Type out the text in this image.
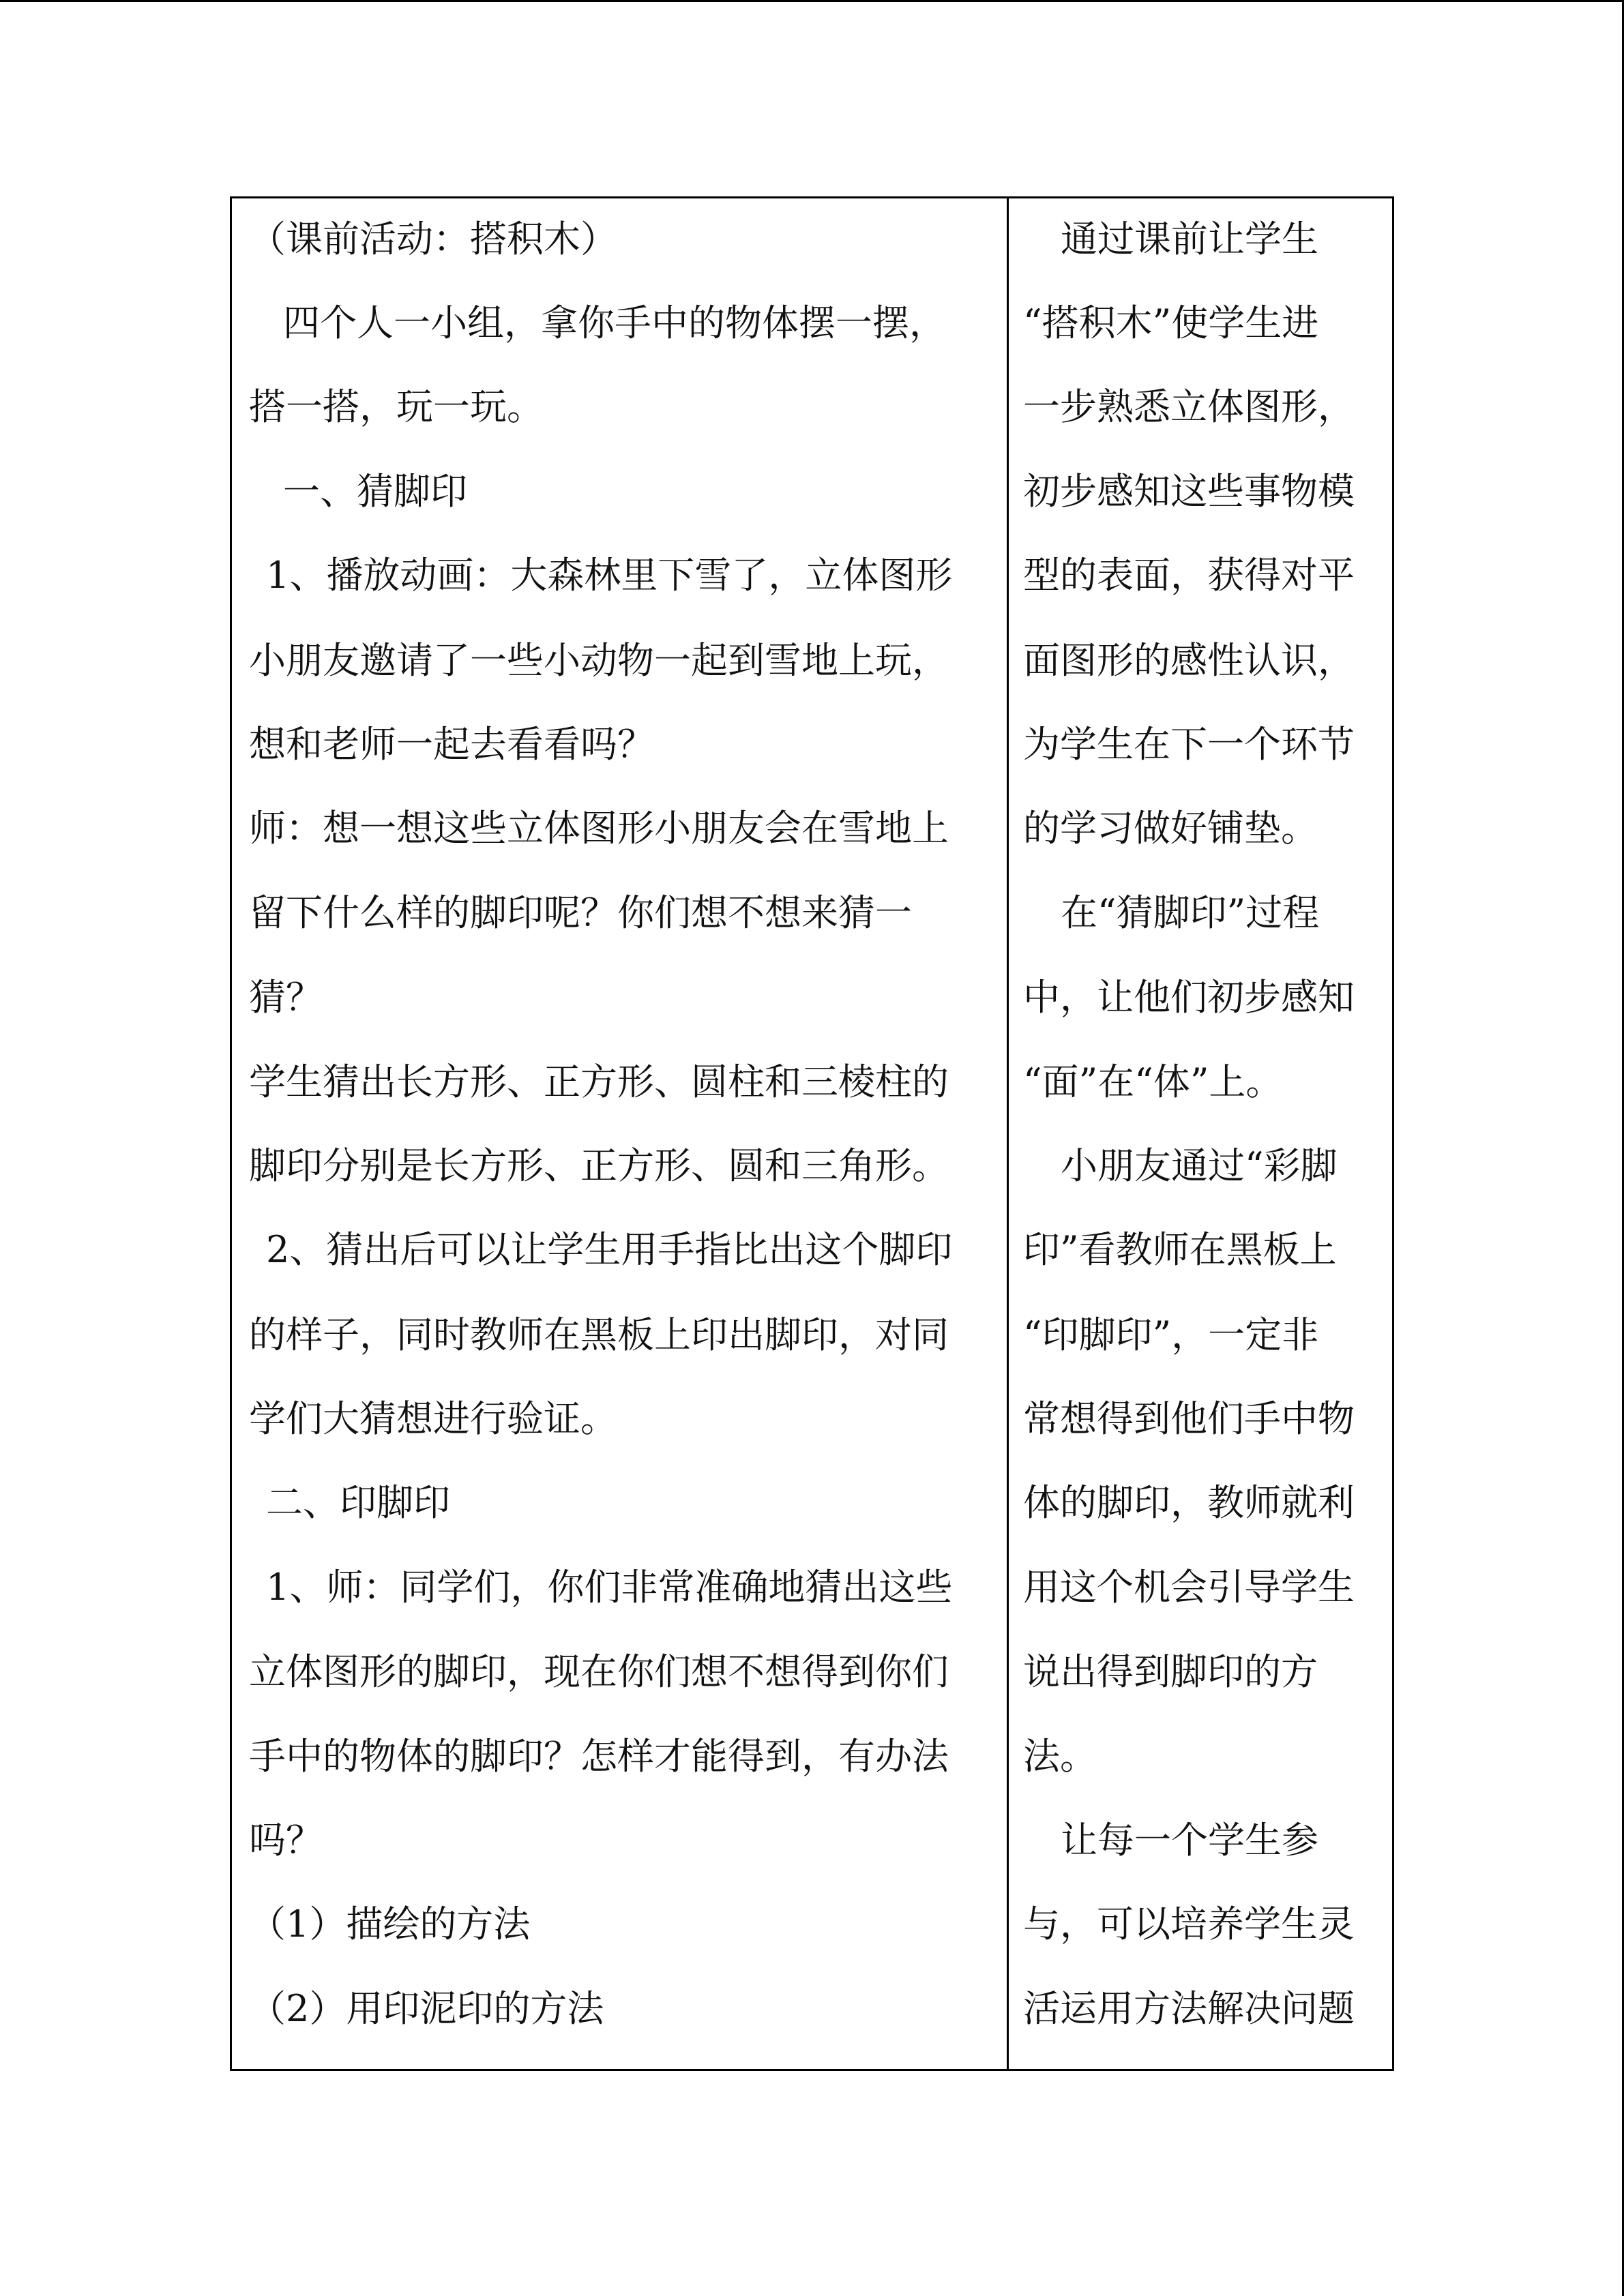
（课前活动：搭积木）
四个人一小组，拿你手中的物体摆一摆，
搭一搭，玩一玩。
一、猜脚印
1、播放动画：大森林里下雪了，立体图形
小朋友邀请了一些小动物一起到雪地上玩，
想和老师一起去看看吗？
师：想一想这些立体图形小朋友会在雪地上
留下什么样的脚印呢？你们想不想来猜一
猜？
学生猜出长方形、正方形、圆柱和三棱柱的
脚印分别是长方形、正方形、圆和三角形。
2、猜出后可以让学生用手指比出这个脚印
的样子，同时教师在黑板上印出脚印，对同
学们大猜想进行验证。
二、印脚印
1、师：同学们，你们非常准确地猜出这些
立体图形的脚印，现在你们想不想得到你们
手中的物体的脚印？怎样才能得到，有办法
吗？
（1）描绘的方法
（2）用印泥印的方法
通过课前让学生
“搭积木”使学生进
一步熟悉立体图形，
初步感知这些事物模
型的表面，获得对平
面图形的感性认识，
为学生在下一个环节
的学习做好铺垫。
在“猜脚印”过程
中，让他们初步感知
“面”在“体”上。
小朋友通过“彩脚
印”看教师在黑板上
“印脚印”，一定非
常想得到他们手中物
体的脚印，教师就利
用这个机会引导学生
说出得到脚印的方
法。
让每一个学生参
与，可以培养学生灵
活运用方法解决问题
